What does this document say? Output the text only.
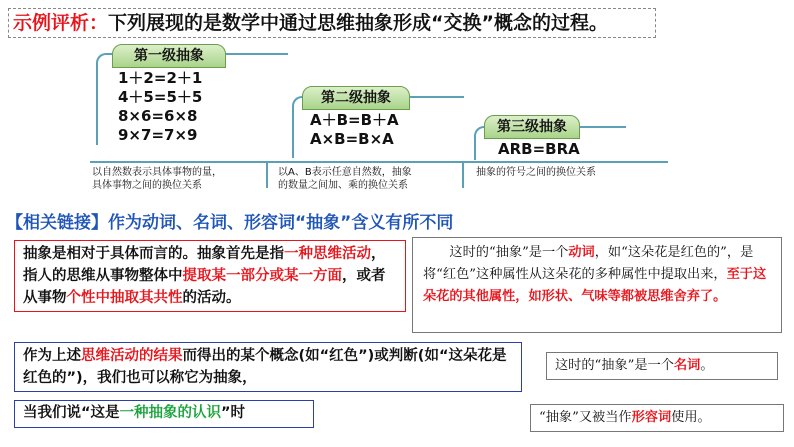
示例评析：下列展现的是数学中通过思维抽象形成“交换”概念的过程。
第一级抽象
1＋2=2＋1
4＋5=5＋5
8×6=6×8
9×7=7×9
第二级抽象
A＋B=B＋A
A×B=B×A
第三级抽象
ARB=BRA
以自然数表示具体事物的量，
具体事物之间的换位关系
以A、B表示任意自然数，抽象
的数量之间加、乘的换位关系
抽象的符号之间的换位关系
【相关链接】作为动词、名词、形容词“抽象”含义有所不同
抽象是相对于具体而言的。抽象首先是指一种思维活动，指人的思维从事物整体中提取某一部分或某一方面，或者从事物个性中抽取其共性的活动。
这时的“抽象”是一个动词，如“这朵花是红色的”，是将“红色”这种属性从这朵花的多种属性中提取出来，至于这朵花的其他属性，如形状、气味等都被思维舍弃了。
作为上述思维活动的结果而得出的某个概念(如“红色”)或判断(如“这朵花是红色的”)，我们也可以称它为抽象，
这时的“抽象”是一个名词。
当我们说“这是一种抽象的认识”时	“抽象”又被当作形容词使用。
